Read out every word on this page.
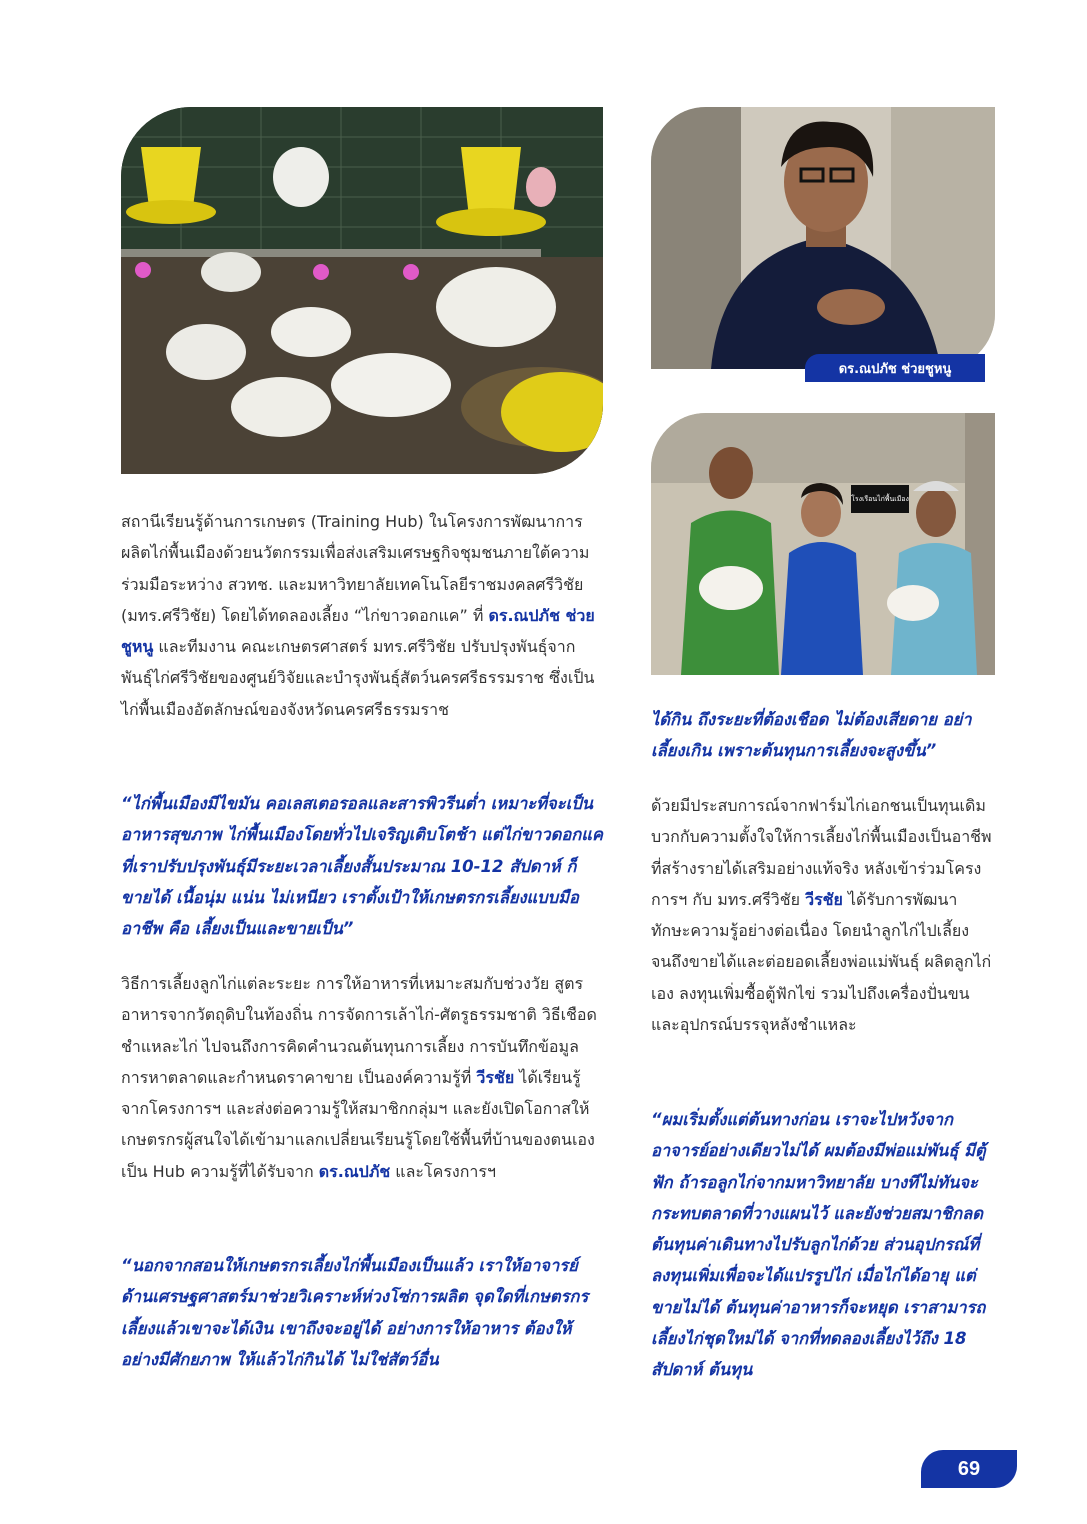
ดร.ณปภัช ช่วยชูหนู
โรงเรือนไก่พื้นเมือง

สถานีเรียนรู้ด้านการเกษตร (Training Hub) ในโครงการพัฒนาการผลิตไก่พื้นเมืองด้วยนวัตกรรมเพื่อส่งเสริมเศรษฐกิจชุมชนภายใต้ความร่วมมือระหว่าง สวทช. และมหาวิทยาลัยเทคโนโลยีราชมงคลศรีวิชัย (มทร.ศรีวิชัย) โดยได้ทดลองเลี้ยง “ไก่ขาวดอกแค” ที่ ดร.ณปภัช ช่วยชูหนู และทีมงาน คณะเกษตรศาสตร์ มทร.ศรีวิชัย ปรับปรุงพันธุ์จากพันธุ์ไก่ศรีวิชัยของศูนย์วิจัยและบำรุงพันธุ์สัตว์นครศรีธรรมราช ซึ่งเป็นไก่พื้นเมืองอัตลักษณ์ของจังหวัดนครศรีธรรมราช

“ไก่พื้นเมืองมีไขมัน คอเลสเตอรอลและสารพิวรีนต่ำ เหมาะที่จะเป็นอาหารสุขภาพ ไก่พื้นเมืองโดยทั่วไปเจริญเติบโตช้า แต่ไก่ขาวดอกแคที่เราปรับปรุงพันธุ์มีระยะเวลาเลี้ยงสั้นประมาณ 10-12 สัปดาห์ ก็ขายได้ เนื้อนุ่ม แน่น ไม่เหนียว เราตั้งเป้าให้เกษตรกรเลี้ยงแบบมืออาชีพ คือ เลี้ยงเป็นและขายเป็น”

วิธีการเลี้ยงลูกไก่แต่ละระยะ การให้อาหารที่เหมาะสมกับช่วงวัย สูตรอาหารจากวัตถุดิบในท้องถิ่น การจัดการเล้าไก่-ศัตรูธรรมชาติ วิธีเชือดชำแหละไก่ ไปจนถึงการคิดคำนวณต้นทุนการเลี้ยง การบันทึกข้อมูล การหาตลาดและกำหนดราคาขาย เป็นองค์ความรู้ที่ วีรชัย ได้เรียนรู้จากโครงการฯ และส่งต่อความรู้ให้สมาชิกกลุ่มฯ และยังเปิดโอกาสให้เกษตรกรผู้สนใจได้เข้ามาแลกเปลี่ยนเรียนรู้โดยใช้พื้นที่บ้านของตนเองเป็น Hub ความรู้ที่ได้รับจาก ดร.ณปภัช และโครงการฯ

“นอกจากสอนให้เกษตรกรเลี้ยงไก่พื้นเมืองเป็นแล้ว เราให้อาจารย์ด้านเศรษฐศาสตร์มาช่วยวิเคราะห์ห่วงโซ่การผลิต จุดใดที่เกษตรกรเลี้ยงแล้วเขาจะได้เงิน เขาถึงจะอยู่ได้ อย่างการให้อาหาร ต้องให้อย่างมีศักยภาพ ให้แล้วไก่กินได้ ไม่ใช่สัตว์อื่น

ได้กิน ถึงระยะที่ต้องเชือด ไม่ต้องเสียดาย อย่าเลี้ยงเกิน เพราะต้นทุนการเลี้ยงจะสูงขึ้น”

ด้วยมีประสบการณ์จากฟาร์มไก่เอกชนเป็นทุนเดิมบวกกับความตั้งใจให้การเลี้ยงไก่พื้นเมืองเป็นอาชีพที่สร้างรายได้เสริมอย่างแท้จริง หลังเข้าร่วมโครงการฯ กับ มทร.ศรีวิชัย วีรชัย ได้รับการพัฒนาทักษะความรู้อย่างต่อเนื่อง โดยนำลูกไก่ไปเลี้ยงจนถึงขายได้และต่อยอดเลี้ยงพ่อแม่พันธุ์ ผลิตลูกไก่เอง ลงทุนเพิ่มซื้อตู้ฟักไข่ รวมไปถึงเครื่องปั่นขนและอุปกรณ์บรรจุหลังชำแหละ

“ผมเริ่มตั้งแต่ต้นทางก่อน เราจะไปหวังจากอาจารย์อย่างเดียวไม่ได้ ผมต้องมีพ่อแม่พันธุ์ มีตู้ฟัก ถ้ารอลูกไก่จากมหาวิทยาลัย บางทีไม่ทันจะกระทบตลาดที่วางแผนไว้ และยังช่วยสมาชิกลดต้นทุนค่าเดินทางไปรับลูกไก่ด้วย ส่วนอุปกรณ์ที่ลงทุนเพิ่มเพื่อจะได้แปรรูปไก่ เมื่อไก่ได้อายุ แต่ขายไม่ได้ ต้นทุนค่าอาหารก็จะหยุด เราสามารถเลี้ยงไก่ชุดใหม่ได้ จากที่ทดลองเลี้ยงไว้ถึง 18 สัปดาห์ ต้นทุน

69
